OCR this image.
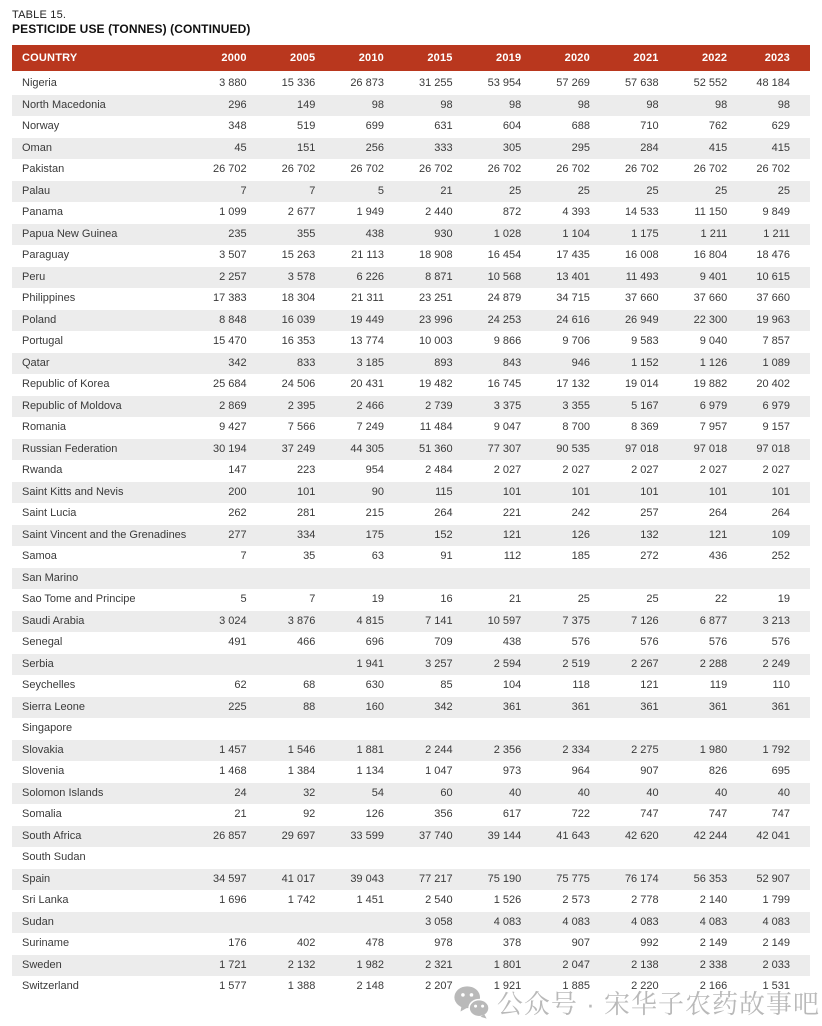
TABLE 15.
PESTICIDE USE (TONNES) (CONTINUED)
COUNTRY	2000	2005	2010	2015	2019	2020	2021	2022	2023
Nigeria	3 880	15 336	26 873	31 255	53 954	57 269	57 638	52 552	48 184
North Macedonia	296	149	98	98	98	98	98	98	98
Norway	348	519	699	631	604	688	710	762	629
Oman	45	151	256	333	305	295	284	415	415
Pakistan	26 702	26 702	26 702	26 702	26 702	26 702	26 702	26 702	26 702
Palau	7	7	5	21	25	25	25	25	25
Panama	1 099	2 677	1 949	2 440	872	4 393	14 533	11 150	9 849
Papua New Guinea	235	355	438	930	1 028	1 104	1 175	1 211	1 211
Paraguay	3 507	15 263	21 113	18 908	16 454	17 435	16 008	16 804	18 476
Peru	2 257	3 578	6 226	8 871	10 568	13 401	11 493	9 401	10 615
Philippines	17 383	18 304	21 311	23 251	24 879	34 715	37 660	37 660	37 660
Poland	8 848	16 039	19 449	23 996	24 253	24 616	26 949	22 300	19 963
Portugal	15 470	16 353	13 774	10 003	9 866	9 706	9 583	9 040	7 857
Qatar	342	833	3 185	893	843	946	1 152	1 126	1 089
Republic of Korea	25 684	24 506	20 431	19 482	16 745	17 132	19 014	19 882	20 402
Republic of Moldova	2 869	2 395	2 466	2 739	3 375	3 355	5 167	6 979	6 979
Romania	9 427	7 566	7 249	11 484	9 047	8 700	8 369	7 957	9 157
Russian Federation	30 194	37 249	44 305	51 360	77 307	90 535	97 018	97 018	97 018
Rwanda	147	223	954	2 484	2 027	2 027	2 027	2 027	2 027
Saint Kitts and Nevis	200	101	90	115	101	101	101	101	101
Saint Lucia	262	281	215	264	221	242	257	264	264
Saint Vincent and the Grenadines	277	334	175	152	121	126	132	121	109
Samoa	7	35	63	91	112	185	272	436	252
San Marino									
Sao Tome and Principe	5	7	19	16	21	25	25	22	19
Saudi Arabia	3 024	3 876	4 815	7 141	10 597	7 375	7 126	6 877	3 213
Senegal	491	466	696	709	438	576	576	576	576
Serbia			1 941	3 257	2 594	2 519	2 267	2 288	2 249
Seychelles	62	68	630	85	104	118	121	119	110
Sierra Leone	225	88	160	342	361	361	361	361	361
Singapore									
Slovakia	1 457	1 546	1 881	2 244	2 356	2 334	2 275	1 980	1 792
Slovenia	1 468	1 384	1 134	1 047	973	964	907	826	695
Solomon Islands	24	32	54	60	40	40	40	40	40
Somalia	21	92	126	356	617	722	747	747	747
South Africa	26 857	29 697	33 599	37 740	39 144	41 643	42 620	42 244	42 041
South Sudan									
Spain	34 597	41 017	39 043	77 217	75 190	75 775	76 174	56 353	52 907
Sri Lanka	1 696	1 742	1 451	2 540	1 526	2 573	2 778	2 140	1 799
Sudan				3 058	4 083	4 083	4 083	4 083	4 083
Suriname	176	402	478	978	378	907	992	2 149	2 149
Sweden	1 721	2 132	1 982	2 321	1 801	2 047	2 138	2 338	2 033
Switzerland	1 577	1 388	2 148	2 207	1 921	1 885	2 220	2 166	1 531
公众号 · 宋华子农药故事吧
